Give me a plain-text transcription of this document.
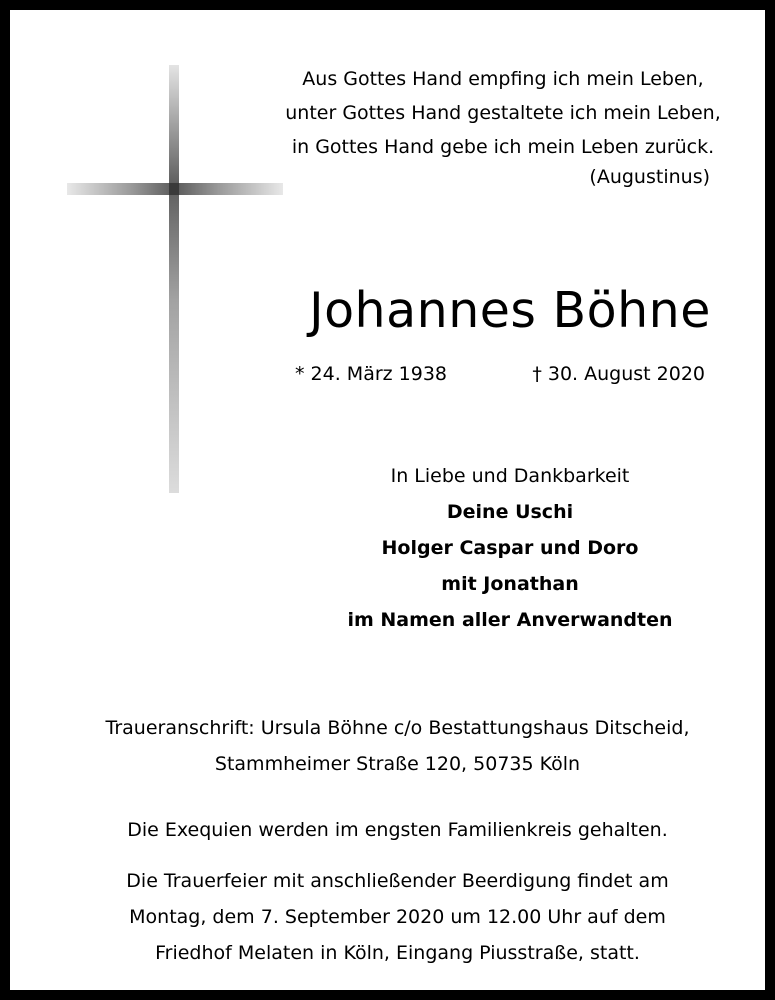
Aus Gottes Hand empfing ich mein Leben,
unter Gottes Hand gestaltete ich mein Leben,
in Gottes Hand gebe ich mein Leben zurück.
(Augustinus)
Johannes Böhne
* 24. März 1938	† 30. August 2020
In Liebe und Dankbarkeit
Deine Uschi
Holger Caspar und Doro
mit Jonathan
im Namen aller Anverwandten
Traueranschrift: Ursula Böhne c/o Bestattungshaus Ditscheid,
Stammheimer Straße 120, 50735 Köln
Die Exequien werden im engsten Familienkreis gehalten.
Die Trauerfeier mit anschließender Beerdigung findet am
Montag, dem 7. September 2020 um 12.00 Uhr auf dem
Friedhof Melaten in Köln, Eingang Piusstraße, statt.
